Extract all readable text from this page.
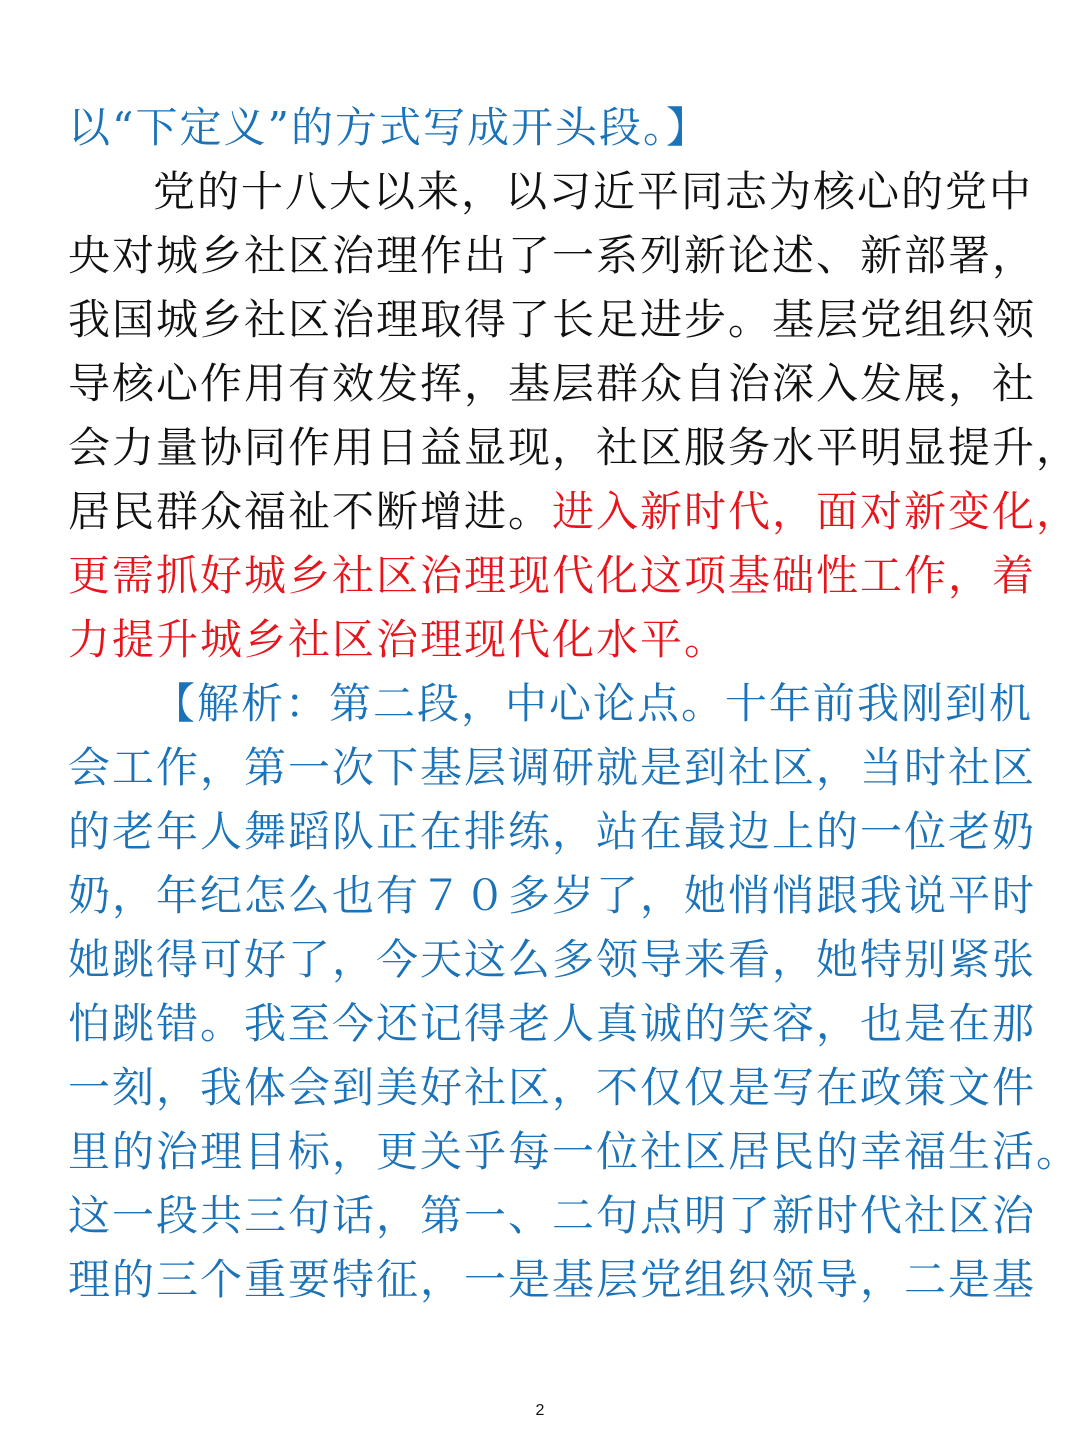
以“下定义”的方式写成开头段。】
党的十八大以来，以习近平同志为核心的党中
央对城乡社区治理作出了一系列新论述、新部署，
我国城乡社区治理取得了长足进步。基层党组织领
导核心作用有效发挥，基层群众自治深入发展，社
会力量协同作用日益显现，社区服务水平明显提升，
居民群众福祉不断增进。进入新时代，面对新变化，
更需抓好城乡社区治理现代化这项基础性工作，着
力提升城乡社区治理现代化水平。
【解析：第二段，中心论点。十年前我刚到机
会工作，第一次下基层调研就是到社区，当时社区
的老年人舞蹈队正在排练，站在最边上的一位老奶
奶，年纪怎么也有７０多岁了，她悄悄跟我说平时
她跳得可好了，今天这么多领导来看，她特别紧张
怕跳错。我至今还记得老人真诚的笑容，也是在那
一刻，我体会到美好社区，不仅仅是写在政策文件
里的治理目标，更关乎每一位社区居民的幸福生活。
这一段共三句话，第一、二句点明了新时代社区治
理的三个重要特征，一是基层党组织领导，二是基
2
